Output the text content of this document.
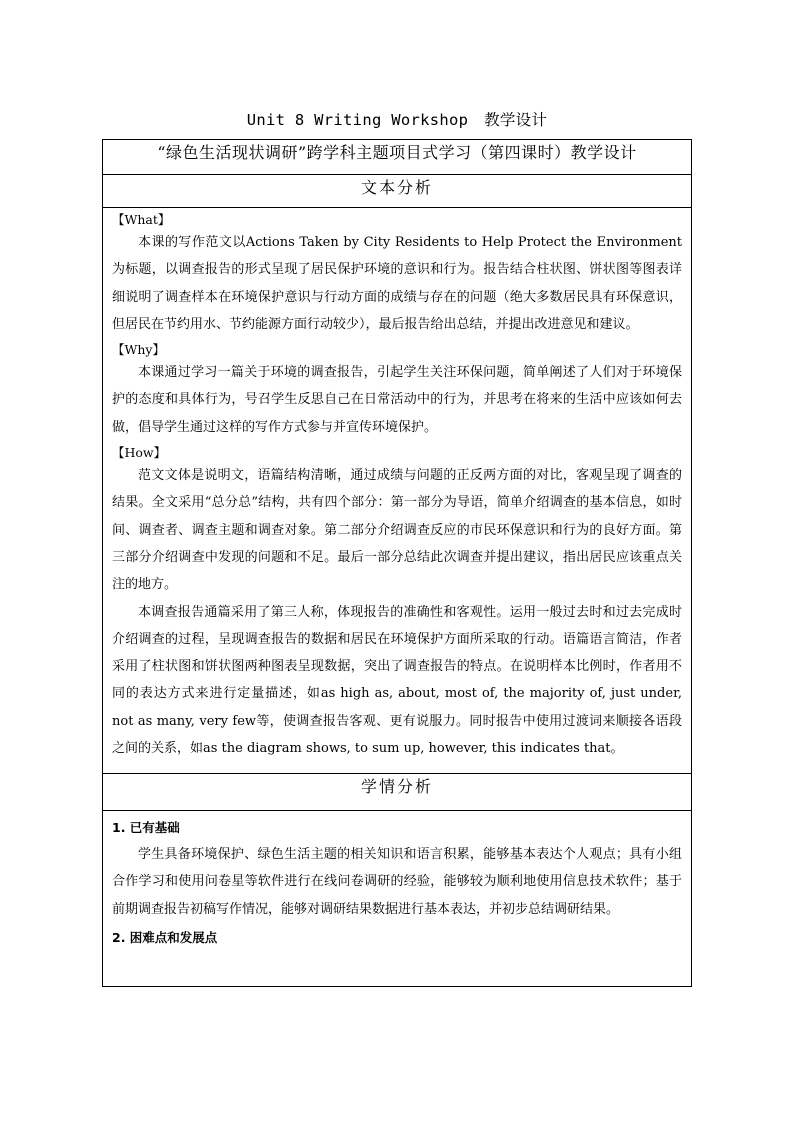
Unit 8 Writing Workshop　教学设计
“绿色生活现状调研”跨学科主题项目式学习（第四课时）教学设计
文本分析

【What】

本课的写作范文以Actions Taken by City Residents to Help Protect the Environment为标题，以调查报告的形式呈现了居民保护环境的意识和行为。报告结合柱状图、饼状图等图表详细说明了调查样本在环境保护意识与行动方面的成绩与存在的问题（绝大多数居民具有环保意识，但居民在节约用水、节约能源方面行动较少），最后报告给出总结，并提出改进意见和建议。

【Why】

本课通过学习一篇关于环境的调查报告，引起学生关注环保问题，简单阐述了人们对于环境保护的态度和具体行为，号召学生反思自己在日常活动中的行为，并思考在将来的生活中应该如何去做，倡导学生通过这样的写作方式参与并宣传环境保护。

【How】

范文文体是说明文，语篇结构清晰，通过成绩与问题的正反两方面的对比，客观呈现了调查的结果。全文采用“总分总”结构，共有四个部分：第一部分为导语，简单介绍调查的基本信息，如时间、调查者、调查主题和调查对象。第二部分介绍调查反应的市民环保意识和行为的良好方面。第三部分介绍调查中发现的问题和不足。最后一部分总结此次调查并提出建议，指出居民应该重点关注的地方。

本调查报告通篇采用了第三人称，体现报告的准确性和客观性。运用一般过去时和过去完成时介绍调查的过程，呈现调查报告的数据和居民在环境保护方面所采取的行动。语篇语言简洁，作者采用了柱状图和饼状图两种图表呈现数据，突出了调查报告的特点。在说明样本比例时，作者用不同的表达方式来进行定量描述，如as high as, about, most of, the majority of, just under, not as many, very few等，使调查报告客观、更有说服力。同时报告中使用过渡词来顺接各语段之间的关系，如as the diagram shows, to sum up, however, this indicates that。

学情分析

1. 已有基础

学生具备环境保护、绿色生活主题的相关知识和语言积累，能够基本表达个人观点；具有小组合作学习和使用问卷星等软件进行在线问卷调研的经验，能够较为顺利地使用信息技术软件；基于前期调查报告初稿写作情况，能够对调研结果数据进行基本表达，并初步总结调研结果。

2. 困难点和发展点
